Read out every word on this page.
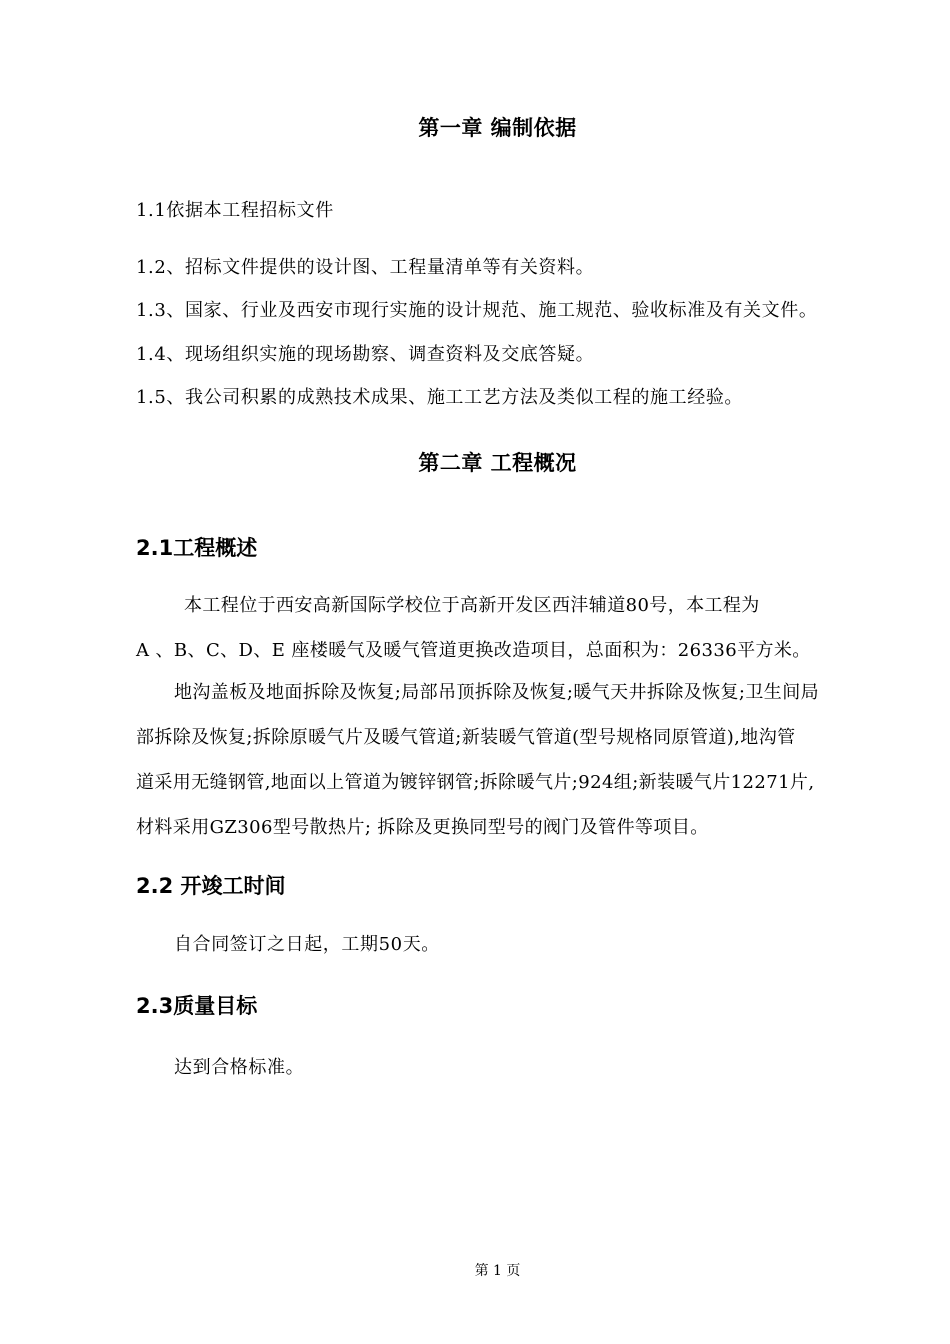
第一章 编制依据
1.1依据本工程招标文件
1.2、招标文件提供的设计图、工程量清单等有关资料。
1.3、国家、行业及西安市现行实施的设计规范、施工规范、验收标准及有关文件。
1.4、现场组织实施的现场勘察、调查资料及交底答疑。
1.5、我公司积累的成熟技术成果、施工工艺方法及类似工程的施工经验。
第二章 工程概况
2.1工程概述
本工程位于西安高新国际学校位于高新开发区西沣辅道80号，本工程为
A 、B、C、D、E 座楼暖气及暖气管道更换改造项目，总面积为：26336平方米。
地沟盖板及地面拆除及恢复;局部吊顶拆除及恢复;暖气天井拆除及恢复;卫生间局
部拆除及恢复;拆除原暖气片及暖气管道;新装暖气管道(型号规格同原管道),地沟管
道采用无缝钢管,地面以上管道为镀锌钢管;拆除暖气片;924组;新装暖气片12271片,
材料采用GZ306型号散热片; 拆除及更换同型号的阀门及管件等项目。
2.2 开竣工时间
自合同签订之日起，工期50天。
2.3质量目标
达到合格标准。
第 1 页
